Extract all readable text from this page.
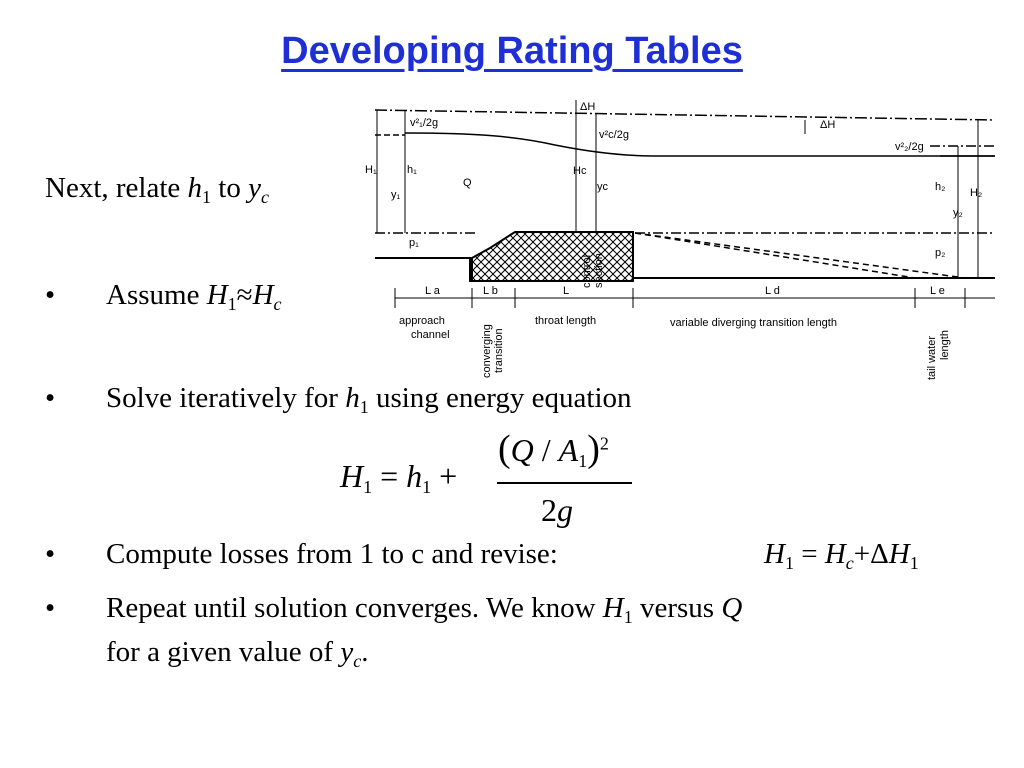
Developing Rating Tables
Next, relate $h_1$ to $y_c$
• Assume $H_1\approx H_c$
• Solve iteratively for $h_1$ using energy equation
$H_1 = h_1$ +
$(Q / A_1)^2$
2g
• Compute losses from 1 to c and revise:	$H_1 = H_c+\Delta H_1$
• Repeat until solution converges. We know $H_1$ versus Q
for a given value of $y_c$.
ΔH
ΔH
v²₁/2g
v²c/2g
v²₂/2g
H₁	h₁
y₁
Q
Hc
yc	h₂ H₂
y₂
p₁
p₂
L a	L b	L	L d	L e
approach
channel
throat length	variable diverging transition length
control section
converging transition	tail water length
